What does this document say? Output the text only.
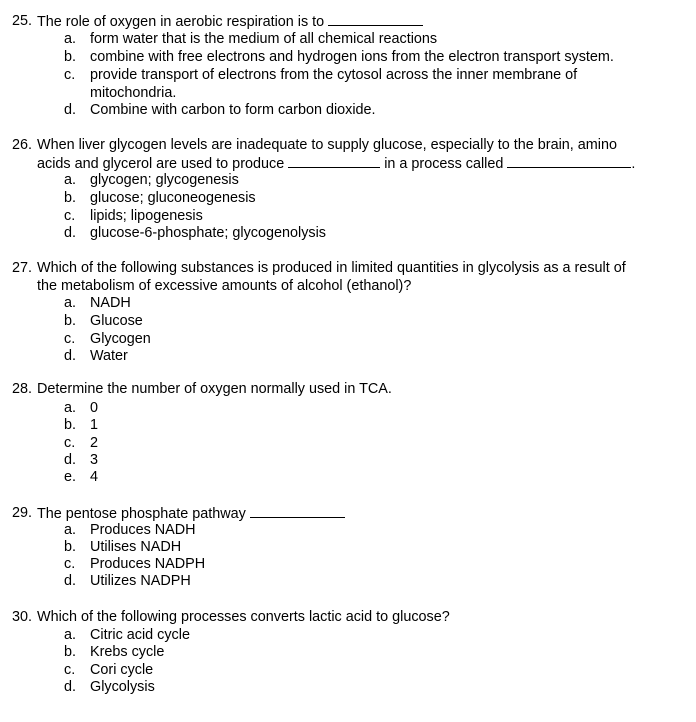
25. The role of oxygen in aerobic respiration is to
a. form water that is the medium of all chemical reactions
b. combine with free electrons and hydrogen ions from the electron transport system.
c. provide transport of electrons from the cytosol across the inner membrane of
mitochondria.
d. Combine with carbon to form carbon dioxide.
26. When liver glycogen levels are inadequate to supply glucose, especially to the brain, amino
acids and glycerol are used to produce	in a process called	.
a. glycogen; glycogenesis
b. glucose; gluconeogenesis
c. lipids; lipogenesis
d. glucose-6-phosphate; glycogenolysis
27. Which of the following substances is produced in limited quantities in glycolysis as a result of
the metabolism of excessive amounts of alcohol (ethanol)?
a. NADH
b. Glucose
c. Glycogen
d. Water
28. Determine the number of oxygen normally used in TCA.
a. 0
b. 1
c. 2
d. 3
e. 4
29. The pentose phosphate pathway
a. Produces NADH
b. Utilises NADH
c. Produces NADPH
d. Utilizes NADPH
30. Which of the following processes converts lactic acid to glucose?
a. Citric acid cycle
b. Krebs cycle
c. Cori cycle
d. Glycolysis
